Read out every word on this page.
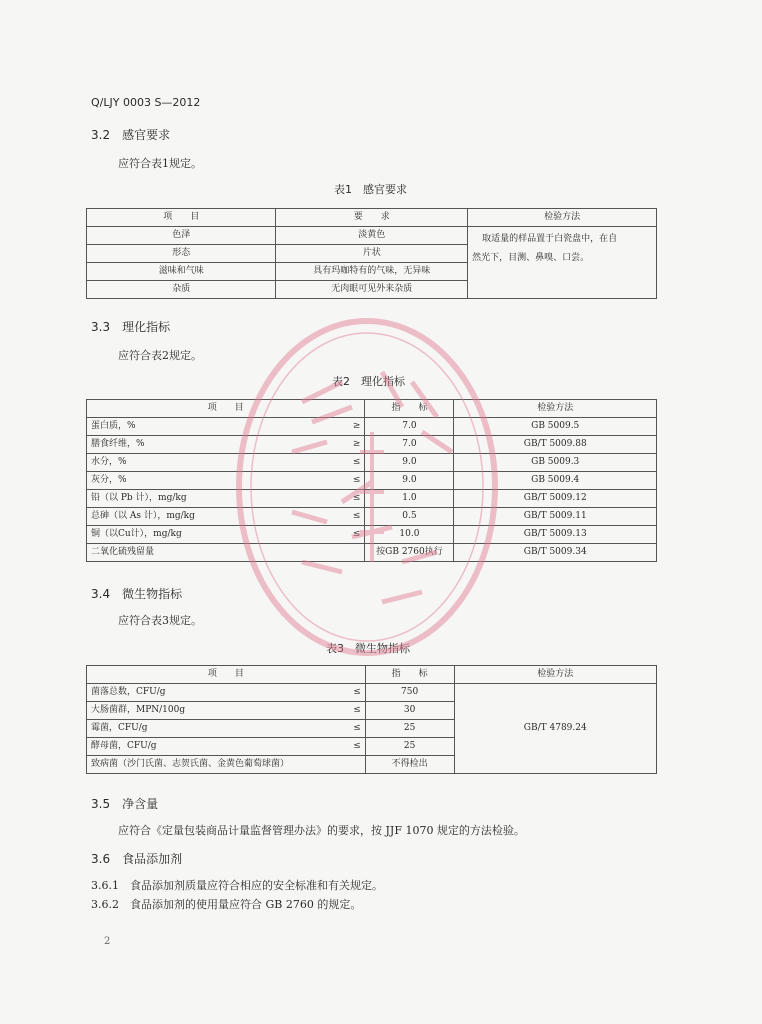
Q/LJY 0003 S—2012
3.2　感官要求
应符合表1规定。
表1　感官要求
项　　目	要　　求	检验方法
色泽	淡黄色	取适量的样品置于白瓷盘中，在自
然光下，目测、鼻嗅、口尝。

形态	片状	
滋味和气味	具有玛咖特有的气味，无异味	
杂质	无肉眼可见外来杂质	
3.3　理化指标
应符合表2规定。
表2　理化指标
项　　目		指　　标	检验方法
蛋白质，%	≥	7.0	GB 5009.5
膳食纤维，%	≥	7.0	GB/T 5009.88
水分，%	≤	9.0	GB 5009.3
灰分，%	≤	9.0	GB 5009.4
铅（以 Pb 计），mg/kg	≤	1.0	GB/T 5009.12
总砷（以 As 计），mg/kg	≤	0.5	GB/T 5009.11
铜（以Cu计），mg/kg	≤	10.0	GB/T 5009.13
二氧化硫残留量		按GB 2760执行	GB/T 5009.34
3.4　微生物指标
应符合表3规定。
表3　微生物指标
项　　目		指　　标	检验方法
菌落总数，CFU/g	≤	750	GB/T 4789.24
大肠菌群，MPN/100g	≤	30	
霉菌，CFU/g	≤	25	
酵母菌，CFU/g	≤	25	
致病菌（沙门氏菌、志贺氏菌、金黄色葡萄球菌）		不得检出	
3.5　净含量
应符合《定量包装商品计量监督管理办法》的要求，按 JJF 1070 规定的方法检验。
3.6　食品添加剂
3.6.1　食品添加剂质量应符合相应的安全标准和有关规定。
3.6.2　食品添加剂的使用量应符合 GB 2760 的规定。
2
